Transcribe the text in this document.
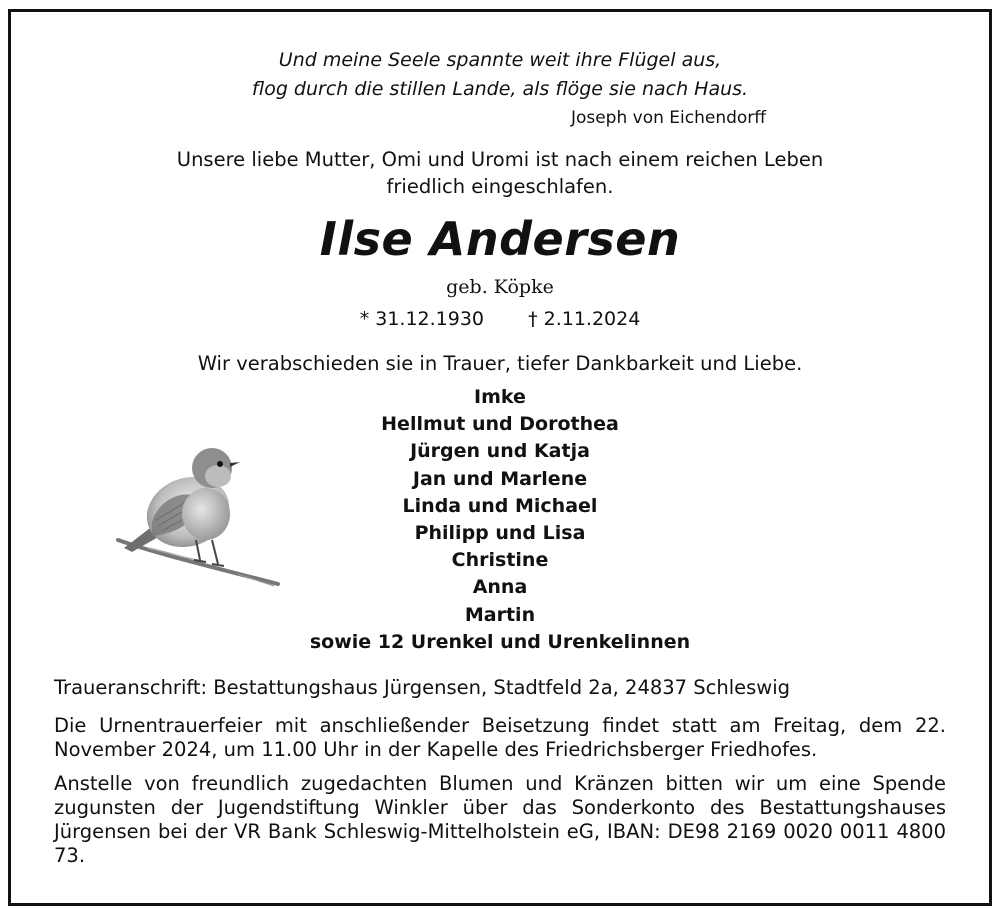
Und meine Seele spannte weit ihre Flügel aus,
flog durch die stillen Lande, als flöge sie nach Haus.
Joseph von Eichendorff
Unsere liebe Mutter, Omi und Uromi ist nach einem reichen Leben
friedlich eingeschlafen.
Ilse Andersen
geb. Köpke
* 31.12.1930 † 2.11.2024
Wir verabschieden sie in Trauer, tiefer Dankbarkeit und Liebe.
Imke
Hellmut und Dorothea
Jürgen und Katja
Jan und Marlene
Linda und Michael
Philipp und Lisa
Christine
Anna
Martin
sowie 12 Urenkel und Urenkelinnen
Traueranschrift: Bestattungshaus Jürgensen, Stadtfeld 2a, 24837 Schleswig
Die Urnentrauerfeier mit anschließender Beisetzung findet statt am Freitag, dem 22. November 2024, um 11.00 Uhr in der Kapelle des Friedrichsberger Friedhofes.
Anstelle von freundlich zugedachten Blumen und Kränzen bitten wir um eine Spende zugunsten der Jugendstiftung Winkler über das Sonderkonto des Bestattungshauses Jürgensen bei der VR Bank Schleswig-Mittelholstein eG, IBAN: DE98 2169 0020 0011 4800 73.
